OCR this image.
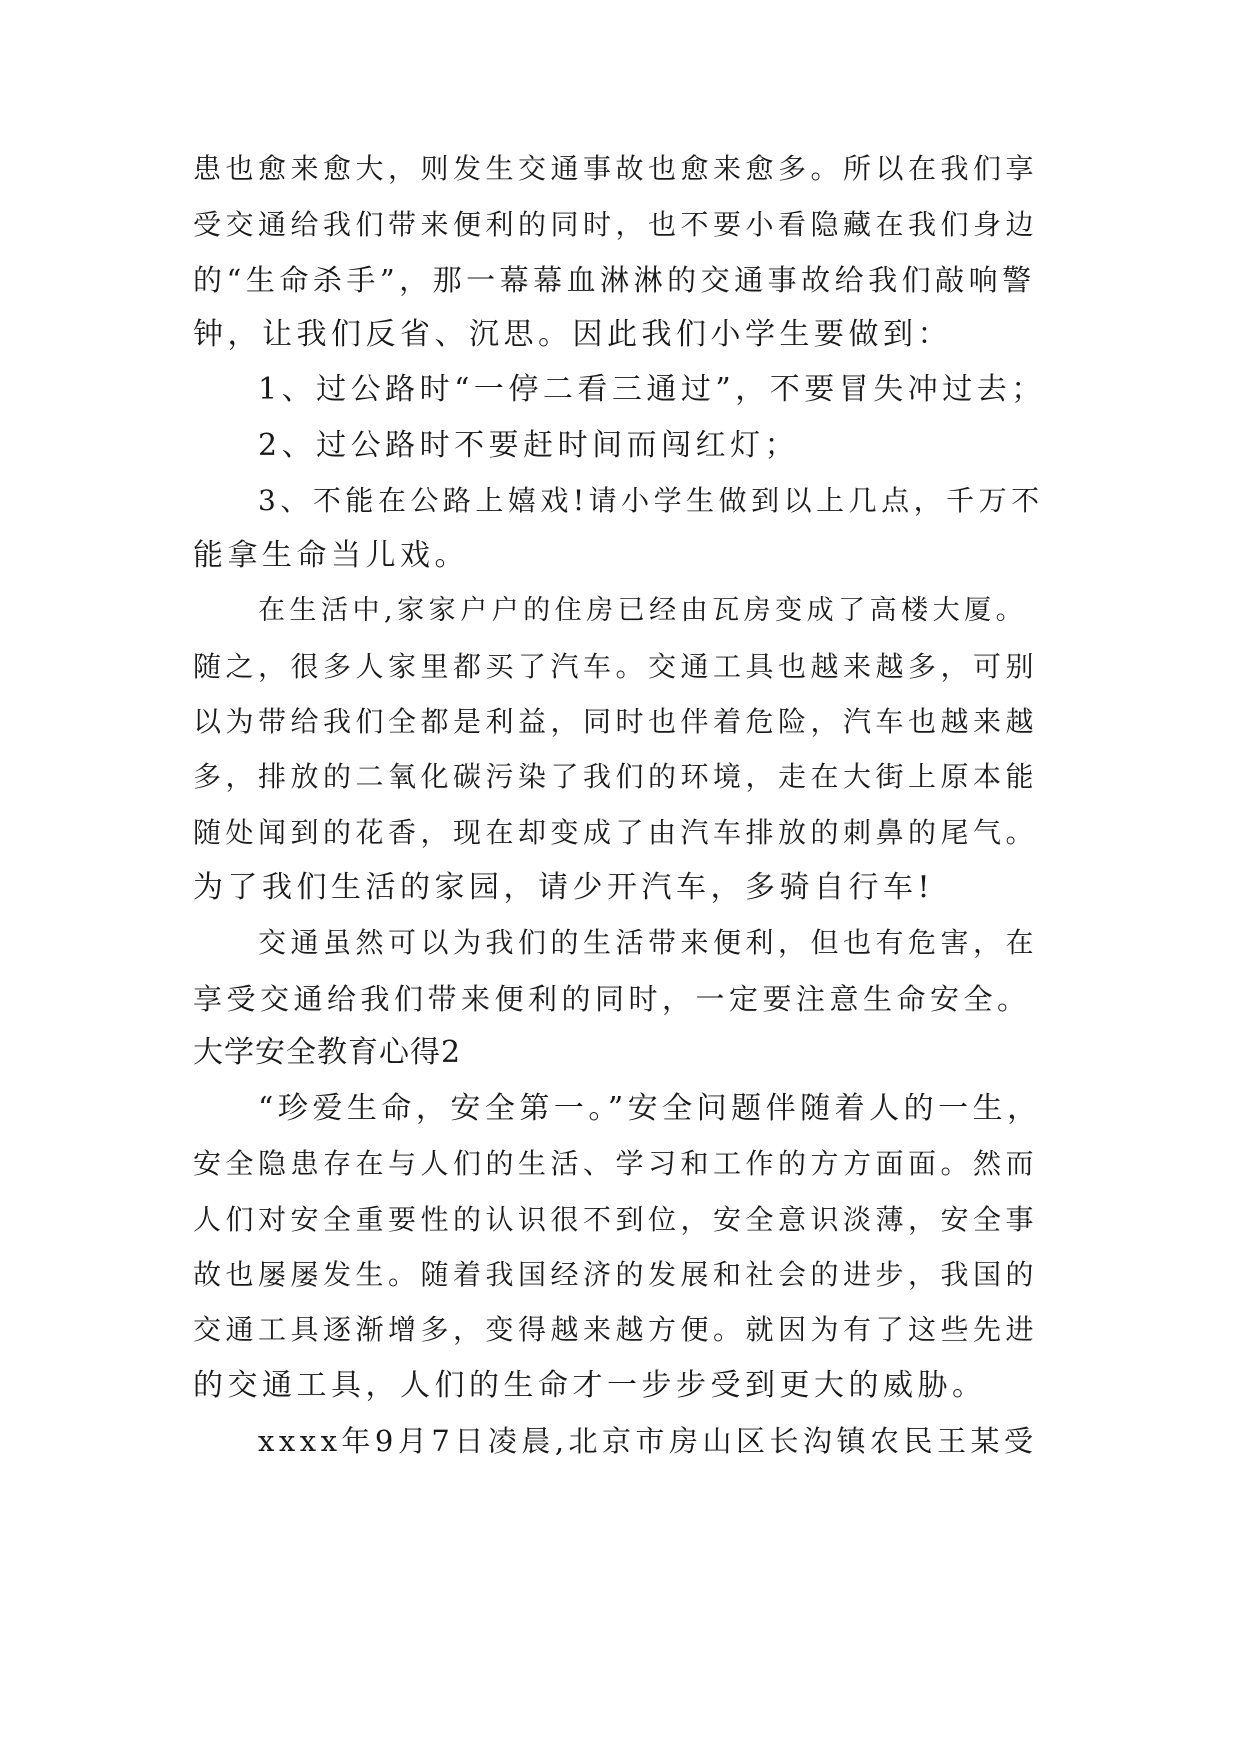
患也愈来愈大，则发生交通事故也愈来愈多。所以在我们享
受交通给我们带来便利的同时，也不要小看隐藏在我们身边
的“生命杀手”，那一幕幕血淋淋的交通事故给我们敲响警
钟，让我们反省、沉思。因此我们小学生要做到：
1、过公路时“一停二看三通过”，不要冒失冲过去；
2、过公路时不要赶时间而闯红灯；
3、不能在公路上嬉戏!请小学生做到以上几点，千万不
能拿生命当儿戏。
在生活中,家家户户的住房已经由瓦房变成了高楼大厦。
随之，很多人家里都买了汽车。交通工具也越来越多，可别
以为带给我们全都是利益，同时也伴着危险，汽车也越来越
多，排放的二氧化碳污染了我们的环境，走在大街上原本能
随处闻到的花香，现在却变成了由汽车排放的刺鼻的尾气。
为了我们生活的家园，请少开汽车，多骑自行车!
交通虽然可以为我们的生活带来便利，但也有危害，在
享受交通给我们带来便利的同时，一定要注意生命安全。
大学安全教育心得2
“珍爱生命，安全第一。”安全问题伴随着人的一生，
安全隐患存在与人们的生活、学习和工作的方方面面。然而
人们对安全重要性的认识很不到位，安全意识淡薄，安全事
故也屡屡发生。随着我国经济的发展和社会的进步，我国的
交通工具逐渐增多，变得越来越方便。就因为有了这些先进
的交通工具，人们的生命才一步步受到更大的威胁。
xxxx年9月7日凌晨,北京市房山区长沟镇农民王某受
